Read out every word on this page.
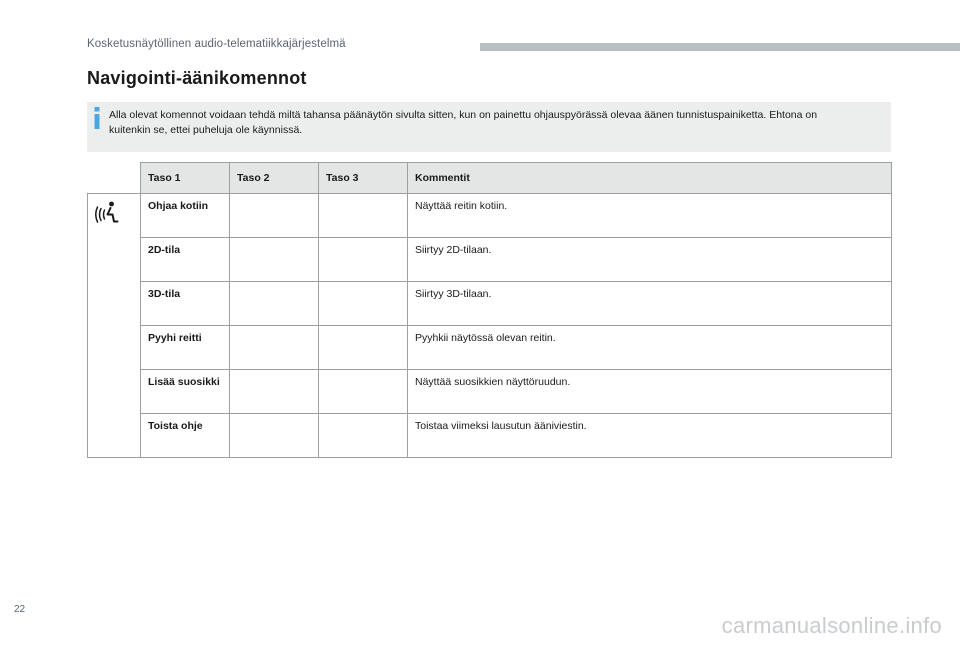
Kosketusnäytöllinen audio-telematiikkajärjestelmä
Navigointi-äänikomennot
Alla olevat komennot voidaan tehdä miltä tahansa päänäytön sivulta sitten, kun on painettu ohjauspyörässä olevaa äänen tunnistuspainiketta. Ehtona on kuitenkin se, ettei puheluja ole käynnissä.
	Taso 1	Taso 2	Taso 3	Kommentit
	Ohjaa kotiin			Näyttää reitin kotiin.
	2D-tila			Siirtyy 2D-tilaan.
	3D-tila			Siirtyy 3D-tilaan.
	Pyyhi reitti			Pyyhkii näytössä olevan reitin.
	Lisää suosikki			Näyttää suosikkien näyttöruudun.
	Toista ohje			Toistaa viimeksi lausutun ääniviestin.
22
carmanualsonline.info
